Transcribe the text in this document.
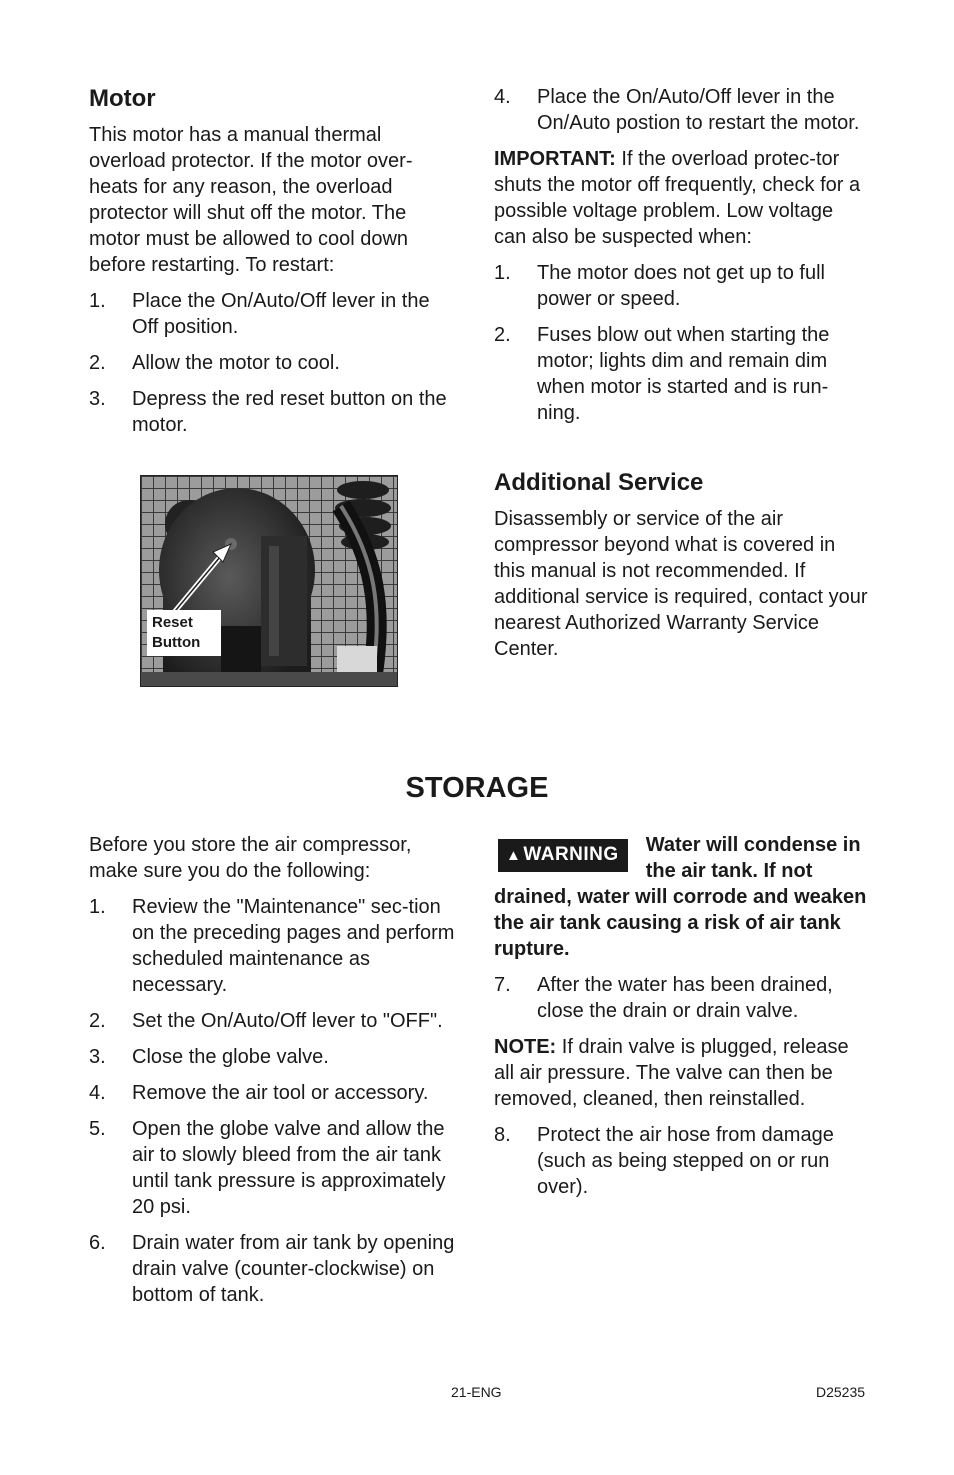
Motor

This motor has a manual thermal overload protector. If the motor over-heats for any reason, the overload protector will shut off the motor. The motor must be allowed to cool down before restarting. To restart:

1. Place the On/Auto/Off lever in the Off position.
2. Allow the motor to cool.
3. Depress the red reset button on the motor.
Reset
Button
4. Place the On/Auto/Off lever in the On/Auto postion to restart the motor.

IMPORTANT: If the overload protec-tor shuts the motor off frequently, check for a possible voltage problem. Low voltage can also be suspected when:

1. The motor does not get up to full power or speed.
2. Fuses blow out when starting the motor; lights dim and remain dim when motor is started and is run-ning.
Additional Service

Disassembly or service of the air compressor beyond what is covered in this manual is not recommended. If additional service is required, contact your nearest Authorized Warranty Service Center.

STORAGE

Before you store the air compressor, make sure you do the following:

1. Review the "Maintenance" sec-tion on the preceding pages and perform scheduled maintenance as necessary.
2. Set the On/Auto/Off lever to "OFF".
3. Close the globe valve.
4. Remove the air tool or accessory.
5. Open the globe valve and allow the air to slowly bleed from the air tank until tank pressure is approximately 20 psi.
6. Drain water from air tank by opening drain valve (counter-clockwise) on bottom of tank.
▲ WARNING	Water will condense in the air tank. If not drained, water will corrode and weaken the air tank causing a risk of air tank rupture.

7. After the water has been drained, close the drain or drain valve.

NOTE: If drain valve is plugged, release all air pressure. The valve can then be removed, cleaned, then reinstalled.

8. Protect the air hose from damage (such as being stepped on or run over).
21-ENG	D25235
